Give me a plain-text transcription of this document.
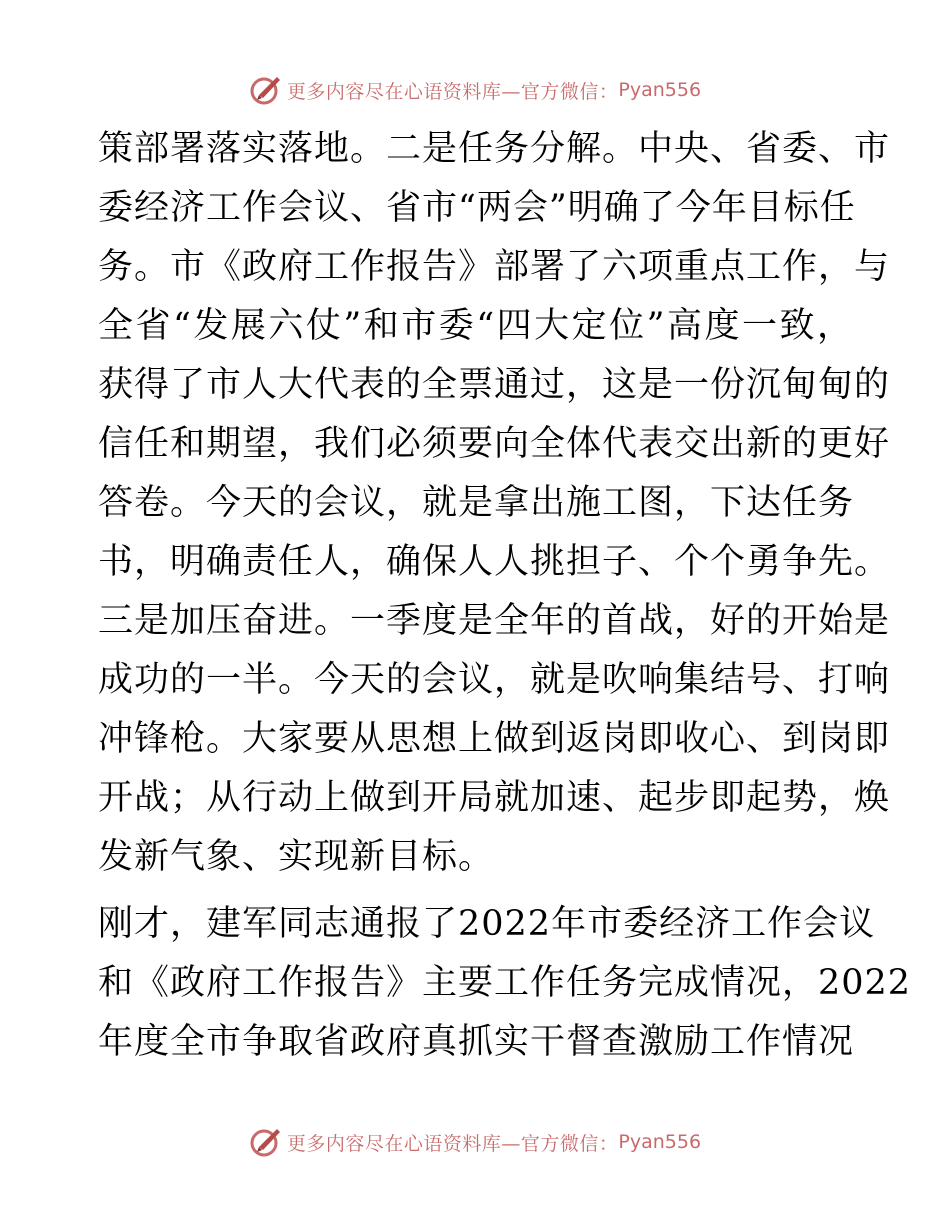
更多内容尽在心语资料库—官方微信： Pyan556
策部署落实落地。二是任务分解。中央、省委、市
委经济工作会议、省市“两会”明确了今年目标任
务。市《政府工作报告》部署了六项重点工作，与
全省“发展六仗”和市委“四大定位”高度一致，
获得了市人大代表的全票通过，这是一份沉甸甸的
信任和期望，我们必须要向全体代表交出新的更好
答卷。今天的会议，就是拿出施工图，下达任务
书，明确责任人，确保人人挑担子、个个勇争先。
三是加压奋进。一季度是全年的首战，好的开始是
成功的一半。今天的会议，就是吹响集结号、打响
冲锋枪。大家要从思想上做到返岗即收心、到岗即
开战；从行动上做到开局就加速、起步即起势，焕
发新气象、实现新目标。
刚才，建军同志通报了2022年市委经济工作会议
和《政府工作报告》主要工作任务完成情况，2022
年度全市争取省政府真抓实干督查激励工作情况
更多内容尽在心语资料库—官方微信： Pyan556
